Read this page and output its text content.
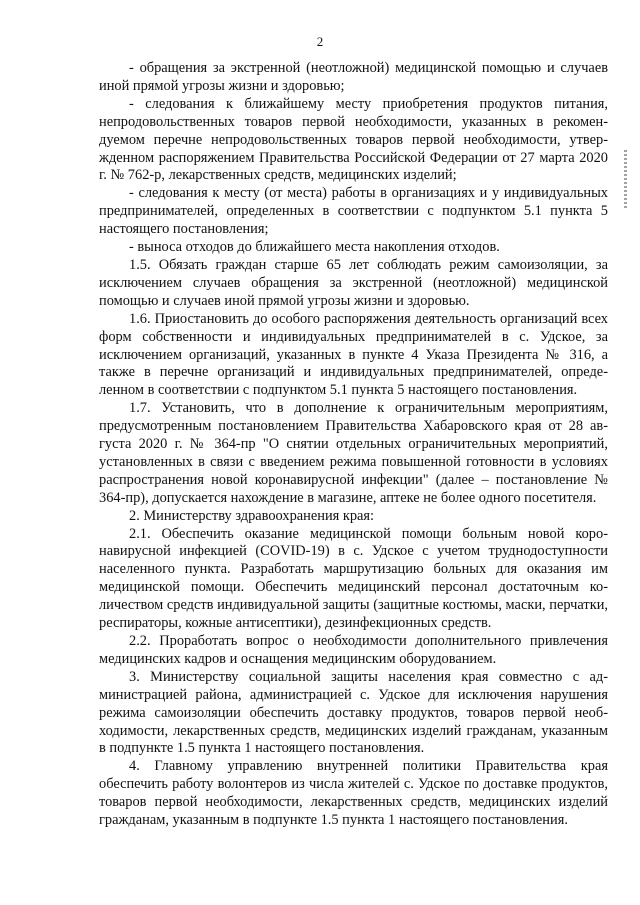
2

- обращения за экстренной (неотложной) медицинской помощью и случаев иной прямой угрозы жизни и здоровью;

- следования к ближайшему месту приобретения продуктов питания, непродовольственных товаров первой необходимости, указанных в рекомендуемом перечне непродовольственных товаров первой необходимости, утвержденном распоряжением Правительства Российской Федерации от 27 марта 2020 г. № 762-р, лекарственных средств, медицинских изделий;

- следования к месту (от места) работы в организациях и у индивидуальных предпринимателей, определенных в соответствии с подпунктом 5.1 пункта 5 настоящего постановления;

- выноса отходов до ближайшего места накопления отходов.

1.5. Обязать граждан старше 65 лет соблюдать режим самоизоляции, за исключением случаев обращения за экстренной (неотложной) медицинской помощью и случаев иной прямой угрозы жизни и здоровью.

1.6. Приостановить до особого распоряжения деятельность организаций всех форм собственности и индивидуальных предпринимателей в с. Удское, за исключением организаций, указанных в пункте 4 Указа Президента № 316, а также в перечне организаций и индивидуальных предпринимателей, определенном в соответствии с подпунктом 5.1 пункта 5 настоящего постановления.

1.7. Установить, что в дополнение к ограничительным мероприятиям, предусмотренным постановлением Правительства Хабаровского края от 28 августа 2020 г. № 364-пр "О снятии отдельных ограничительных мероприятий, установленных в связи с введением режима повышенной готовности в условиях распространения новой коронавирусной инфекции" (далее – постановление № 364-пр), допускается нахождение в магазине, аптеке не более одного посетителя.

2. Министерству здравоохранения края:

2.1. Обеспечить оказание медицинской помощи больным новой коронавирусной инфекцией (COVID-19) в с. Удское с учетом труднодоступности населенного пункта. Разработать маршрутизацию больных для оказания им медицинской помощи. Обеспечить медицинский персонал достаточным количеством средств индивидуальной защиты (защитные костюмы, маски, перчатки, респираторы, кожные антисептики), дезинфекционных средств.

2.2. Проработать вопрос о необходимости дополнительного привлечения медицинских кадров и оснащения медицинским оборудованием.

3. Министерству социальной защиты населения края совместно с администрацией района, администрацией с. Удское для исключения нарушения режима самоизоляции обеспечить доставку продуктов, товаров первой необходимости, лекарственных средств, медицинских изделий гражданам, указанным в подпункте 1.5 пункта 1 настоящего постановления.

4. Главному управлению внутренней политики Правительства края обеспечить работу волонтеров из числа жителей с. Удское по доставке продуктов, товаров первой необходимости, лекарственных средств, медицинских изделий гражданам, указанным в подпункте 1.5 пункта 1 настоящего постановления.
